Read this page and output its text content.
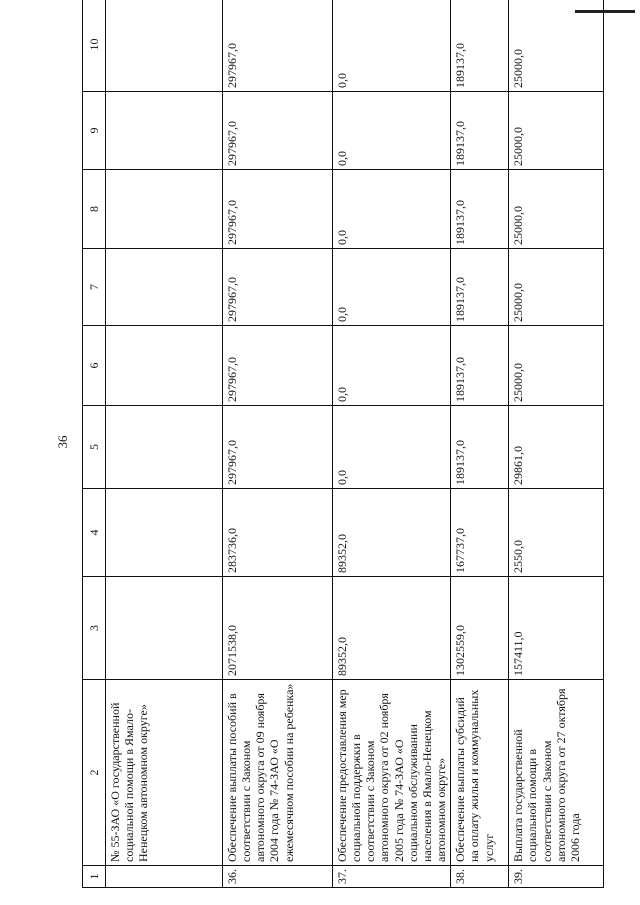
36
1	2	3	4	5	6	7	8	9	10
	№ 55-ЗАО «О государственной социальной помощи в Ямало-Ненецком автономном округе»								
36.	Обеспечение выплаты пособий в соответствии с Законом автономного округа от 09 ноября 2004 года № 74-ЗАО «О ежемесячном пособии на ребенка»	2071538,0	283736,0	297967,0	297967,0	297967,0	297967,0	297967,0	297967,0
37.	Обеспечение предоставления мер социальной поддержки в соответствии с Законом автономного округа от 02 ноября 2005 года № 74-ЗАО «О социальном обслуживании населения в Ямало-Ненецком автономном округе»	89352,0	89352,0	0,0	0,0	0,0	0,0	0,0	0,0
38.	Обеспечение выплаты субсидий на оплату жилья и коммунальных услуг	1302559,0	167737,0	189137,0	189137,0	189137,0	189137,0	189137,0	189137,0
39.	Выплата государственной социальной помощи в соответствии с Законом автономного округа от 27 октября 2006 года	157411,0	2550,0	29861,0	25000,0	25000,0	25000,0	25000,0	25000,0
